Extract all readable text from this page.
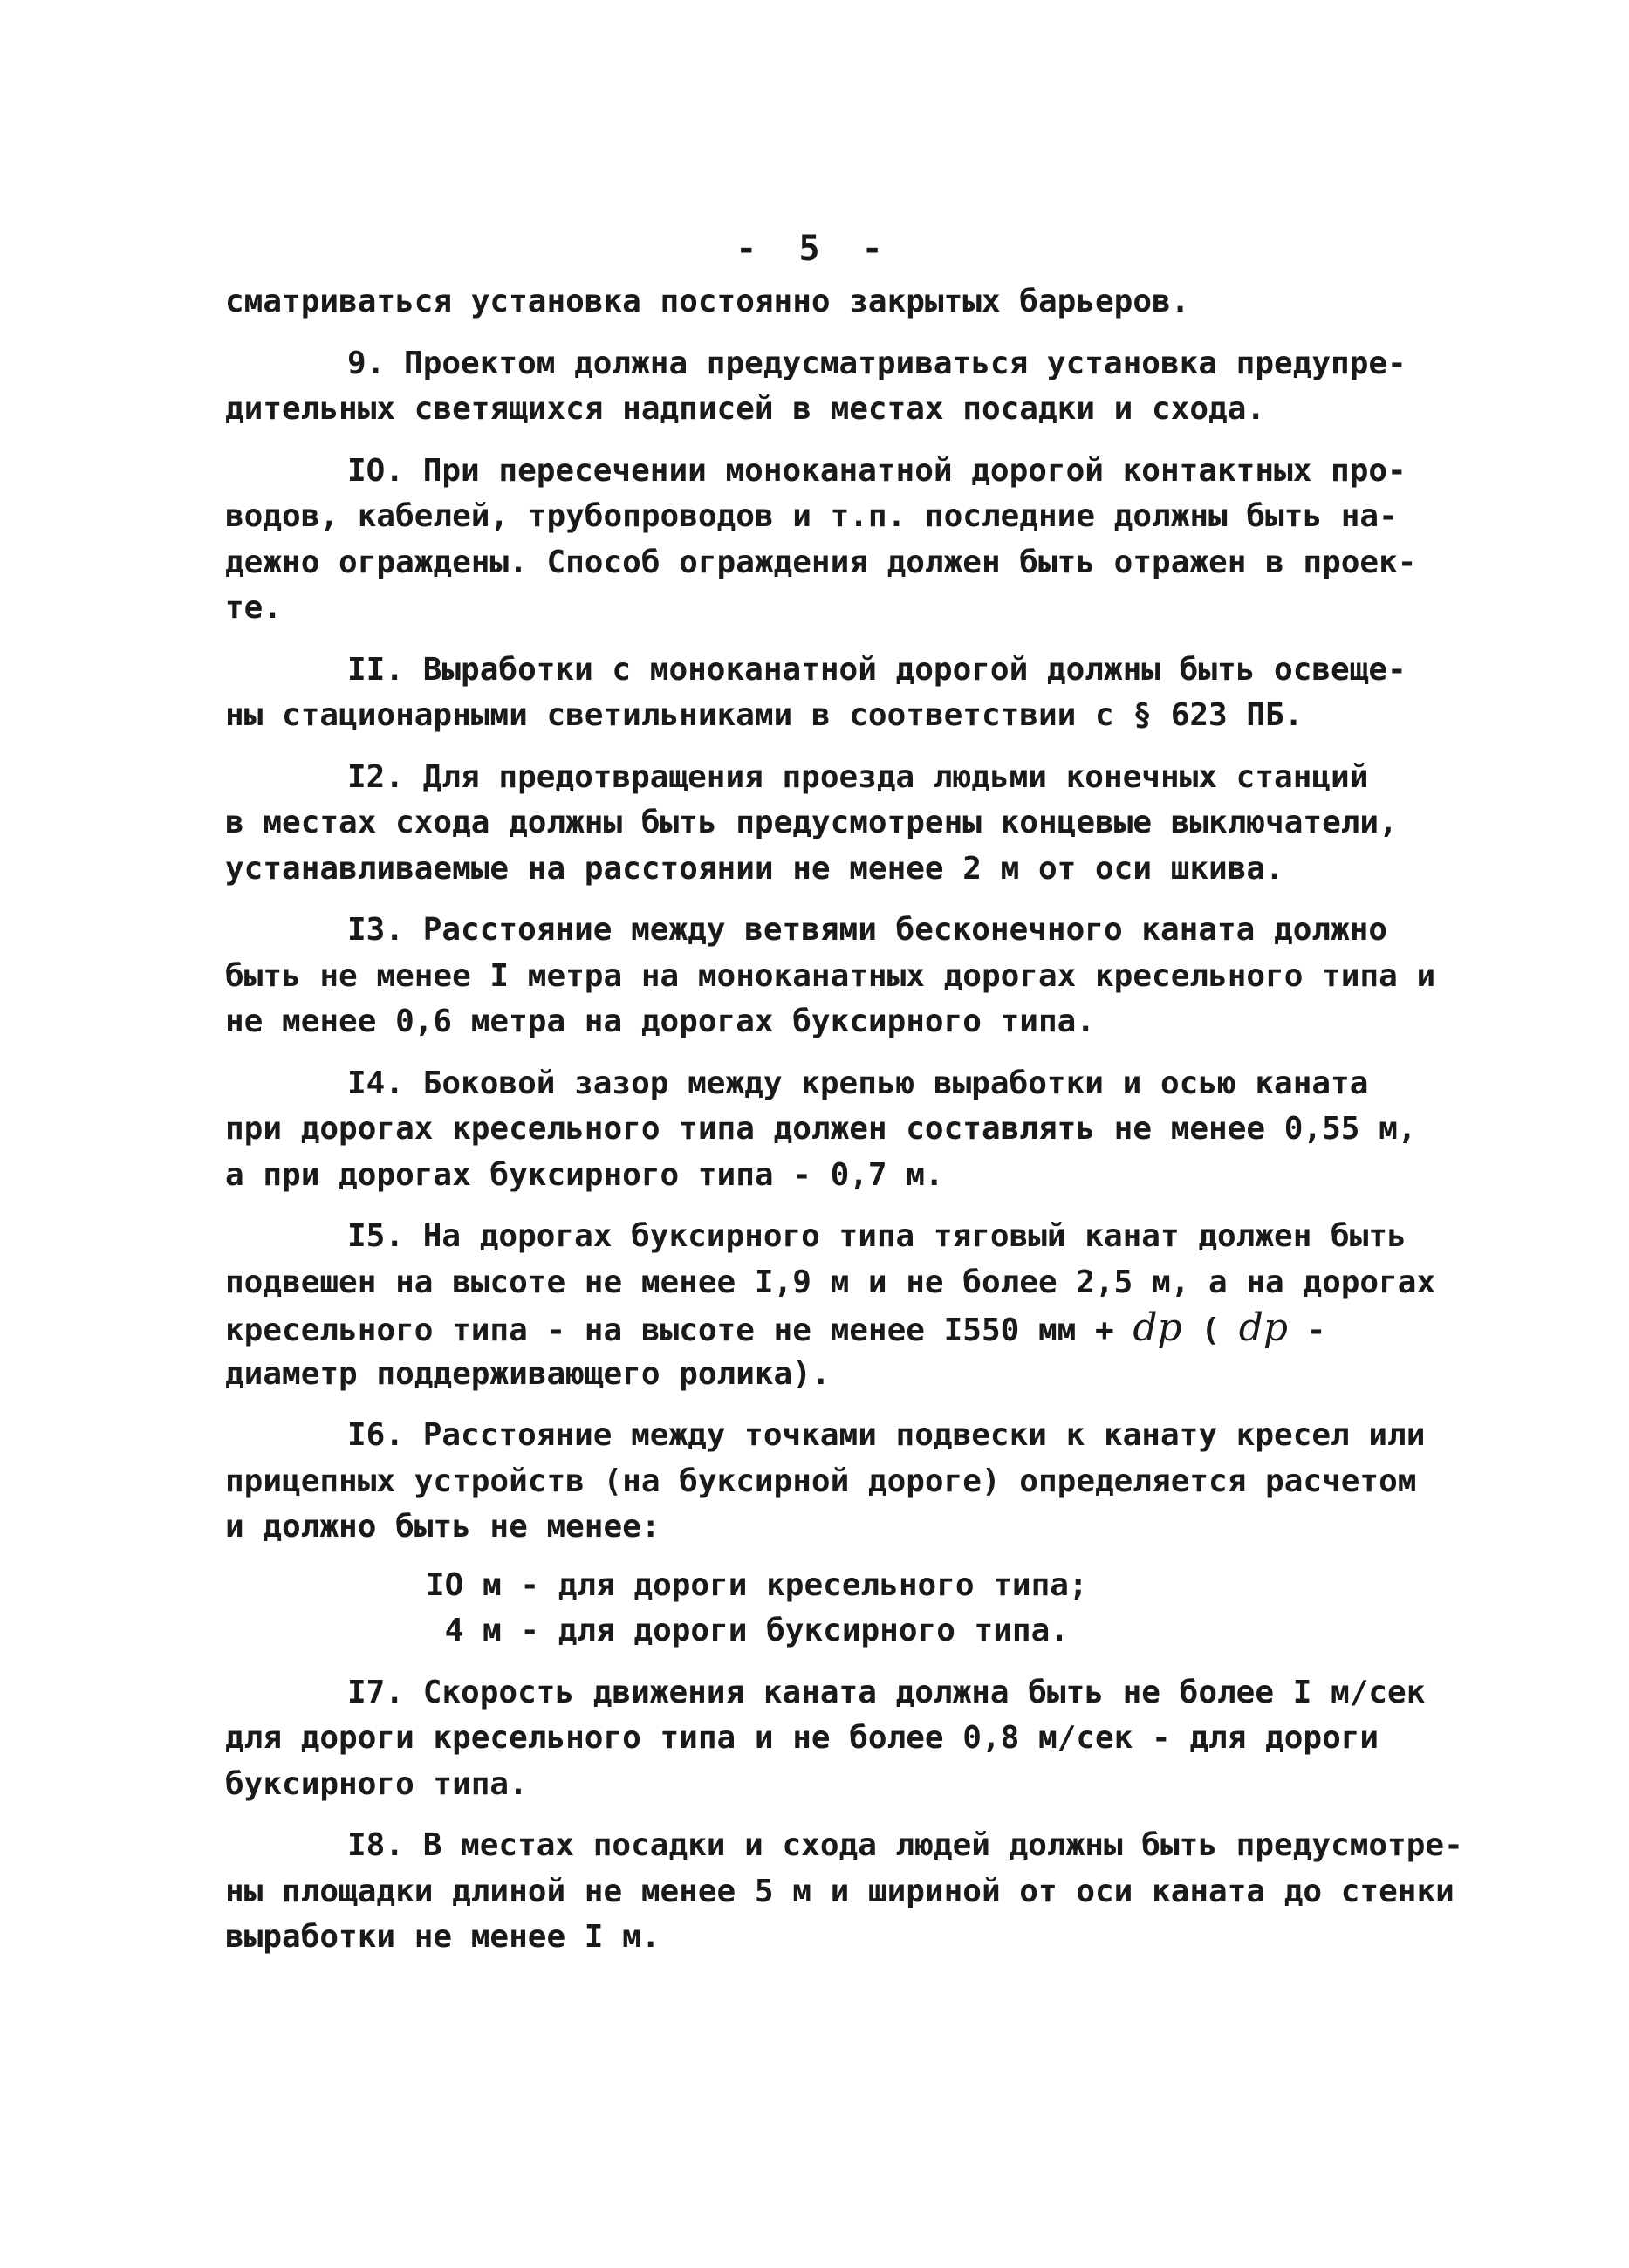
- 5 -
сматриваться установка постоянно закрытых барьеров.
9. Проектом должна предусматриваться установка предупре-
дительных светящихся надписей в местах посадки и схода.
IO. При пересечении моноканатной дорогой контактных про-
водов, кабелей, трубопроводов и т.п. последние должны быть на-
дежно ограждены. Способ ограждения должен быть отражен в проек-
те.
II. Выработки с моноканатной дорогой должны быть освеще-
ны стационарными светильниками в соответствии с § 623 ПБ.
I2. Для предотвращения проезда людьми конечных станций
в местах схода должны быть предусмотрены концевые выключатели,
устанавливаемые на расстоянии не менее 2 м от оси шкива.
I3. Расстояние между ветвями бесконечного каната должно
быть не менее I метра на моноканатных дорогах кресельного типа и
не менее 0,6 метра на дорогах буксирного типа.
I4. Боковой зазор между крепью выработки и осью каната
при дорогах кресельного типа должен составлять не менее 0,55 м,
а при дорогах буксирного типа - 0,7 м.
I5. На дорогах буксирного типа тяговый канат должен быть
подвешен на высоте не менее I,9 м и не более 2,5 м, а на дорогах
кресельного типа - на высоте не менее I550 мм + dp ( dp -
диаметр поддерживающего ролика).
I6. Расстояние между точками подвески к канату кресел или
прицепных устройств (на буксирной дороге) определяется расчетом
и должно быть не менее:
IO м - для дороги кресельного типа;
4 м - для дороги буксирного типа.
I7. Скорость движения каната должна быть не более I м/сек
для дороги кресельного типа и не более 0,8 м/сек - для дороги
буксирного типа.
I8. В местах посадки и схода людей должны быть предусмотре-
ны площадки длиной не менее 5 м и шириной от оси каната до стенки
выработки не менее I м.
